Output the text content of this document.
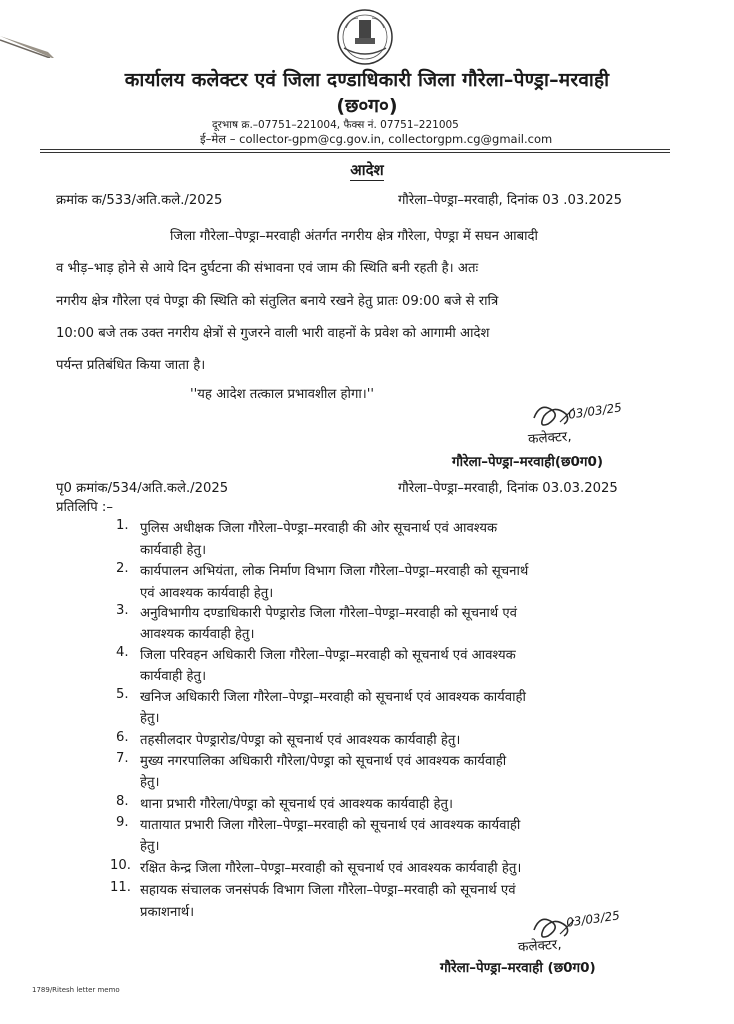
कार्यालय कलेक्टर एवं जिला दण्डाधिकारी जिला गौरेला–पेण्ड्रा–मरवाही
(छ०ग०)
दूरभाष क्र.–07751–221004, फैक्स नं. 07751–221005
ई–मेल – collector-gpm@cg.gov.in, collectorgpm.cg@gmail.com
आदेश
क्रमांक क/533/अति.कले./2025	गौरेला–पेण्ड्रा–मरवाही, दिनांक 03 .03.2025
जिला गौरेला–पेण्ड्रा–मरवाही अंतर्गत नगरीय क्षेत्र गौरेला, पेण्ड्रा में सघन आबादी
व भीड़–भाड़ होने से आये दिन दुर्घटना की संभावना एवं जाम की स्थिति बनी रहती है। अतः
नगरीय क्षेत्र गौरेला एवं पेण्ड्रा की स्थिति को संतुलित बनाये रखने हेतु प्रातः 09:00 बजे से रात्रि
10:00 बजे तक उक्त नगरीय क्षेत्रों से गुजरने वाली भारी वाहनों के प्रवेश को आगामी आदेश
पर्यन्त प्रतिबंधित किया जाता है।
''यह आदेश तत्काल प्रभावशील होगा।''
03/03/25
कलेक्टर,
गौरेला–पेण्ड्रा–मरवाही(छ0ग0)
पृ0 क्रमांक/534/अति.कले./2025	गौरेला–पेण्ड्रा–मरवाही, दिनांक 03.03.2025
प्रतिलिपि :–
1. पुलिस अधीक्षक जिला गौरेला–पेण्ड्रा–मरवाही की ओर सूचनार्थ एवं आवश्यक
कार्यवाही हेतु।
2. कार्यपालन अभियंता, लोक निर्माण विभाग जिला गौरेला–पेण्ड्रा–मरवाही को सूचनार्थ
एवं आवश्यक कार्यवाही हेतु।
3. अनुविभागीय दण्डाधिकारी पेण्ड्रारोड जिला गौरेला–पेण्ड्रा–मरवाही को सूचनार्थ एवं
आवश्यक कार्यवाही हेतु।
4. जिला परिवहन अधिकारी जिला गौरेला–पेण्ड्रा–मरवाही को सूचनार्थ एवं आवश्यक
कार्यवाही हेतु।
5. खनिज अधिकारी जिला गौरेला–पेण्ड्रा–मरवाही को सूचनार्थ एवं आवश्यक कार्यवाही
हेतु।
6. तहसीलदार पेण्ड्रारोड/पेण्ड्रा को सूचनार्थ एवं आवश्यक कार्यवाही हेतु।
7. मुख्य नगरपालिका अधिकारी गौरेला/पेण्ड्रा को सूचनार्थ एवं आवश्यक कार्यवाही
हेतु।
8. थाना प्रभारी गौरेला/पेण्ड्रा को सूचनार्थ एवं आवश्यक कार्यवाही हेतु।
9. यातायात प्रभारी जिला गौरेला–पेण्ड्रा–मरवाही को सूचनार्थ एवं आवश्यक कार्यवाही
हेतु।
10. रक्षित केन्द्र जिला गौरेला–पेण्ड्रा–मरवाही को सूचनार्थ एवं आवश्यक कार्यवाही हेतु।
11. सहायक संचालक जनसंपर्क विभाग जिला गौरेला–पेण्ड्रा–मरवाही को सूचनार्थ एवं
प्रकाशनार्थ।	03/03/25
कलेक्टर,
गौरेला–पेण्ड्रा–मरवाही (छ0ग0)
1789/Ritesh letter memo
